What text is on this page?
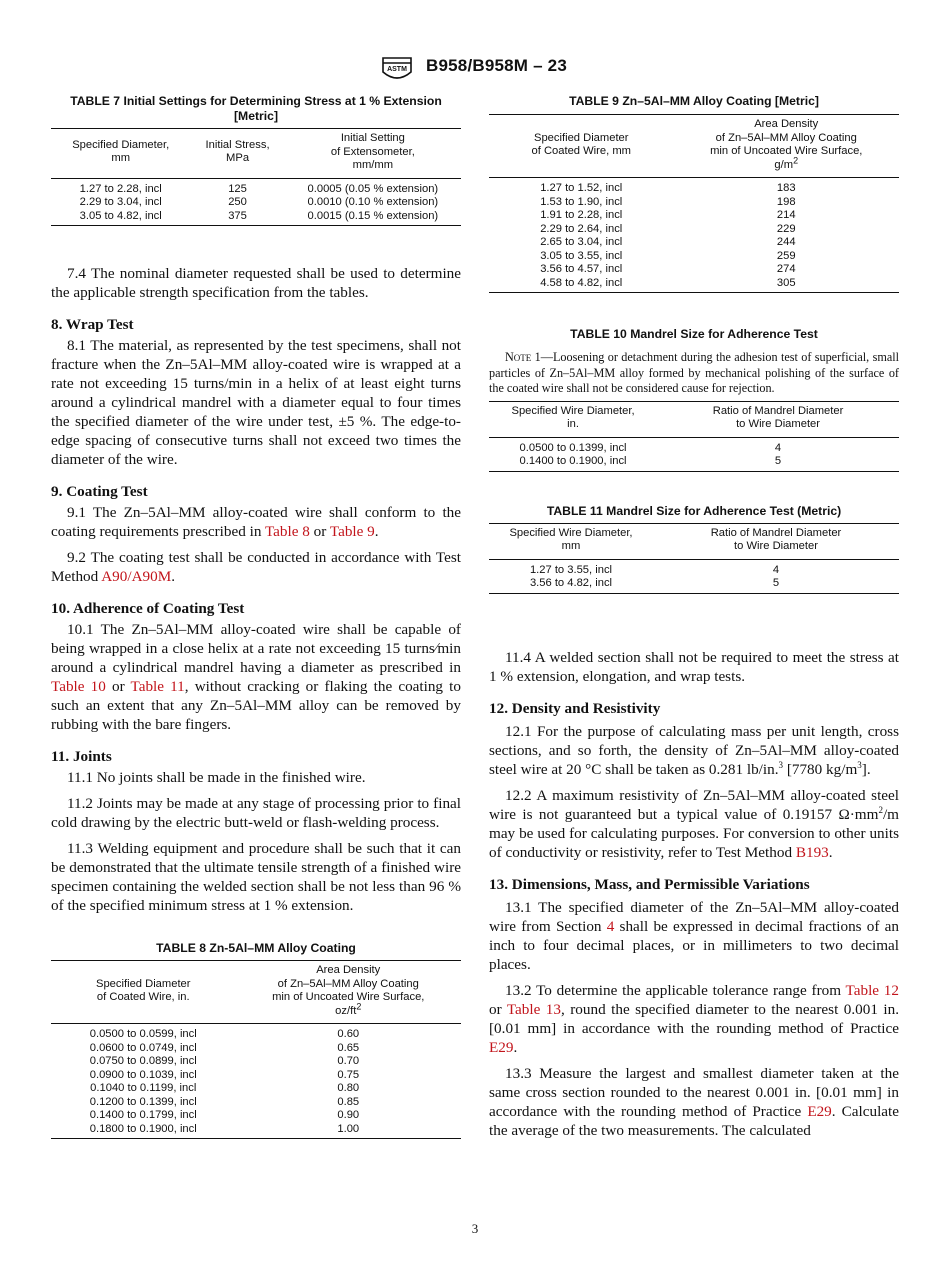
ASTM B958/B958M – 23
TABLE 7 Initial Settings for Determining Stress at 1 % Extension [Metric]
Specified Diameter,
mm	Initial Stress,
MPa	Initial Setting
of Extensometer,
mm/mm
1.27 to 2.28, incl	125	0.0005 (0.05 % extension)
2.29 to 3.04, incl	250	0.0010 (0.10 % extension)
3.05 to 4.82, incl	375	0.0015 (0.15 % extension)

7.4 The nominal diameter requested shall be used to determine the applicable strength specification from the tables.

8. Wrap Test

8.1 The material, as represented by the test specimens, shall not fracture when the Zn–5Al–MM alloy-coated wire is wrapped at a rate not exceeding 15 turns/min in a helix of at least eight turns around a cylindrical mandrel with a diameter equal to four times the specified diameter of the wire under test, ±5 %. The edge-to-edge spacing of consecutive turns shall not exceed two times the diameter of the wire.

9. Coating Test

9.1 The Zn–5Al–MM alloy-coated wire shall conform to the coating requirements prescribed in Table 8 or Table 9.

9.2 The coating test shall be conducted in accordance with Test Method A90/A90M.

10. Adherence of Coating Test

10.1 The Zn–5Al–MM alloy-coated wire shall be capable of being wrapped in a close helix at a rate not exceeding 15 turns∕min around a cylindrical mandrel having a diameter as prescribed in Table 10 or Table 11, without cracking or flaking the coating to such an extent that any Zn–5Al–MM alloy can be removed by rubbing with the bare fingers.

11. Joints

11.1 No joints shall be made in the finished wire.

11.2 Joints may be made at any stage of processing prior to final cold drawing by the electric butt-weld or flash-welding process.

11.3 Welding equipment and procedure shall be such that it can be demonstrated that the ultimate tensile strength of a finished wire specimen containing the welded section shall be not less than 96 % of the specified minimum stress at 1 % extension.

TABLE 8 Zn-5Al–MM Alloy Coating
Specified Diameter
of Coated Wire, in.	Area Density
of Zn–5Al–MM Alloy Coating
min of Uncoated Wire Surface,
$oz/ft^2$
0.0500 to 0.0599, incl	0.60
0.0600 to 0.0749, incl	0.65
0.0750 to 0.0899, incl	0.70
0.0900 to 0.1039, incl	0.75
0.1040 to 0.1199, incl	0.80
0.1200 to 0.1399, incl	0.85
0.1400 to 0.1799, incl	0.90
0.1800 to 0.1900, incl	1.00
TABLE 9 Zn–5Al–MM Alloy Coating [Metric]
Specified Diameter
of Coated Wire, mm	Area Density
of Zn–5Al–MM Alloy Coating
min of Uncoated Wire Surface,
$g/m^2$
1.27 to 1.52, incl	183
1.53 to 1.90, incl	198
1.91 to 2.28, incl	214
2.29 to 2.64, incl	229
2.65 to 3.04, incl	244
3.05 to 3.55, incl	259
3.56 to 4.57, incl	274
4.58 to 4.82, incl	305
TABLE 10 Mandrel Size for Adherence Test

Note 1—Loosening or detachment during the adhesion test of superficial, small particles of Zn–5Al–MM alloy formed by mechanical polishing of the surface of the coated wire shall not be considered cause for rejection.

Specified Wire Diameter,
in.	Ratio of Mandrel Diameter
to Wire Diameter
0.0500 to 0.1399, incl	4
0.1400 to 0.1900, incl	5
TABLE 11 Mandrel Size for Adherence Test (Metric)
Specified Wire Diameter,
mm	Ratio of Mandrel Diameter
to Wire Diameter
1.27 to 3.55, incl	4
3.56 to 4.82, incl	5

11.4 A welded section shall not be required to meet the stress at 1 % extension, elongation, and wrap tests.

12. Density and Resistivity

12.1 For the purpose of calculating mass per unit length, cross sections, and so forth, the density of Zn–5Al–MM alloy-coated steel wire at 20 °C shall be taken as 0.281 lb/in.$^3$ [7780 $kg/m^3$].

12.2 A maximum resistivity of Zn–5Al–MM alloy-coated steel wire is not guaranteed but a typical value of 0.19157 $\Omega\cdot mm^2/m$ may be used for calculating purposes. For conversion to other units of conductivity or resistivity, refer to Test Method B193.

13. Dimensions, Mass, and Permissible Variations

13.1 The specified diameter of the Zn–5Al–MM alloy-coated wire from Section 4 shall be expressed in decimal fractions of an inch to four decimal places, or in millimeters to two decimal places.

13.2 To determine the applicable tolerance range from Table 12 or Table 13, round the specified diameter to the nearest 0.001 in. [0.01 mm] in accordance with the rounding method of Practice E29.

13.3 Measure the largest and smallest diameter taken at the same cross section rounded to the nearest 0.001 in. [0.01 mm] in accordance with the rounding method of Practice E29. Calculate the average of the two measurements. The calculated

3
